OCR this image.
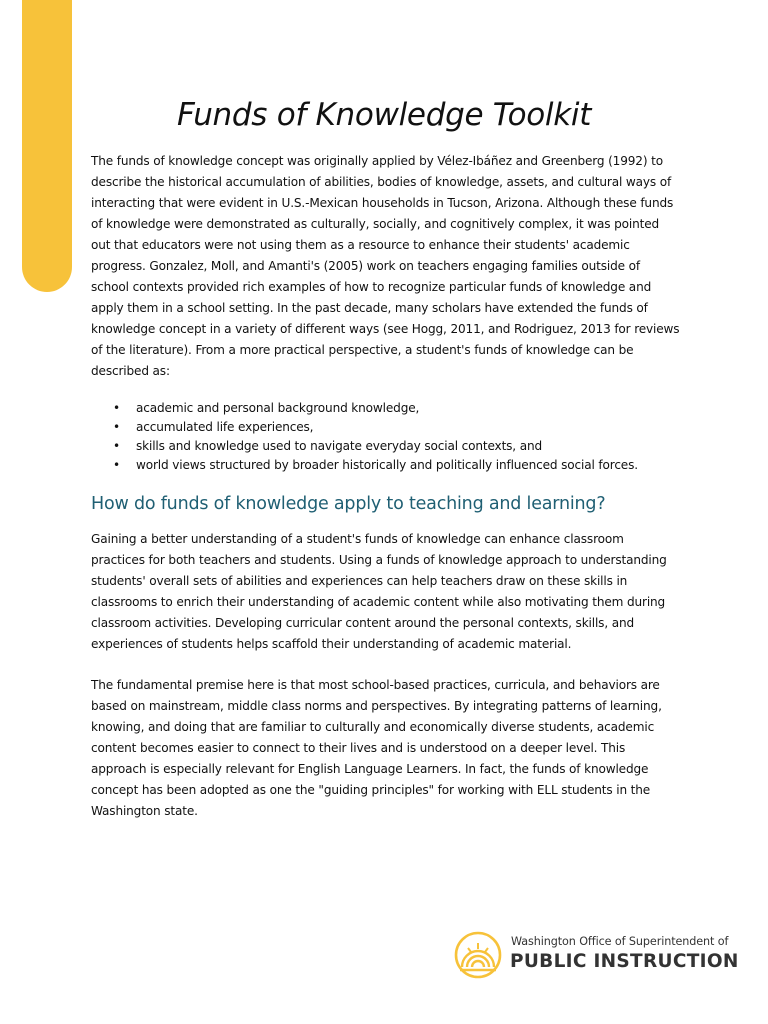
Funds of Knowledge Toolkit

The funds of knowledge concept was originally applied by Vélez-Ibáñez and Greenberg (1992) to describe the historical accumulation of abilities, bodies of knowledge, assets, and cultural ways of interacting that were evident in U.S.-Mexican households in Tucson, Arizona. Although these funds of knowledge were demonstrated as culturally, socially, and cognitively complex, it was pointed out that educators were not using them as a resource to enhance their students' academic progress. Gonzalez, Moll, and Amanti's (2005) work on teachers engaging families outside of school contexts provided rich examples of how to recognize particular funds of knowledge and apply them in a school setting. In the past decade, many scholars have extended the funds of knowledge concept in a variety of different ways (see Hogg, 2011, and Rodriguez, 2013 for reviews of the literature). From a more practical perspective, a student's funds of knowledge can be described as:

• academic and personal background knowledge,
• accumulated life experiences,
• skills and knowledge used to navigate everyday social contexts, and
• world views structured by broader historically and politically influenced social forces.
How do funds of knowledge apply to teaching and learning?

Gaining a better understanding of a student's funds of knowledge can enhance classroom practices for both teachers and students. Using a funds of knowledge approach to understanding students' overall sets of abilities and experiences can help teachers draw on these skills in classrooms to enrich their understanding of academic content while also motivating them during classroom activities. Developing curricular content around the personal contexts, skills, and experiences of students helps scaffold their understanding of academic material.

The fundamental premise here is that most school-based practices, curricula, and behaviors are based on mainstream, middle class norms and perspectives. By integrating patterns of learning, knowing, and doing that are familiar to culturally and economically diverse students, academic content becomes easier to connect to their lives and is understood on a deeper level. This approach is especially relevant for English Language Learners. In fact, the funds of knowledge concept has been adopted as one the "guiding principles" for working with ELL students in the Washington state.

Washington Office of Superintendent of
PUBLIC INSTRUCTION
